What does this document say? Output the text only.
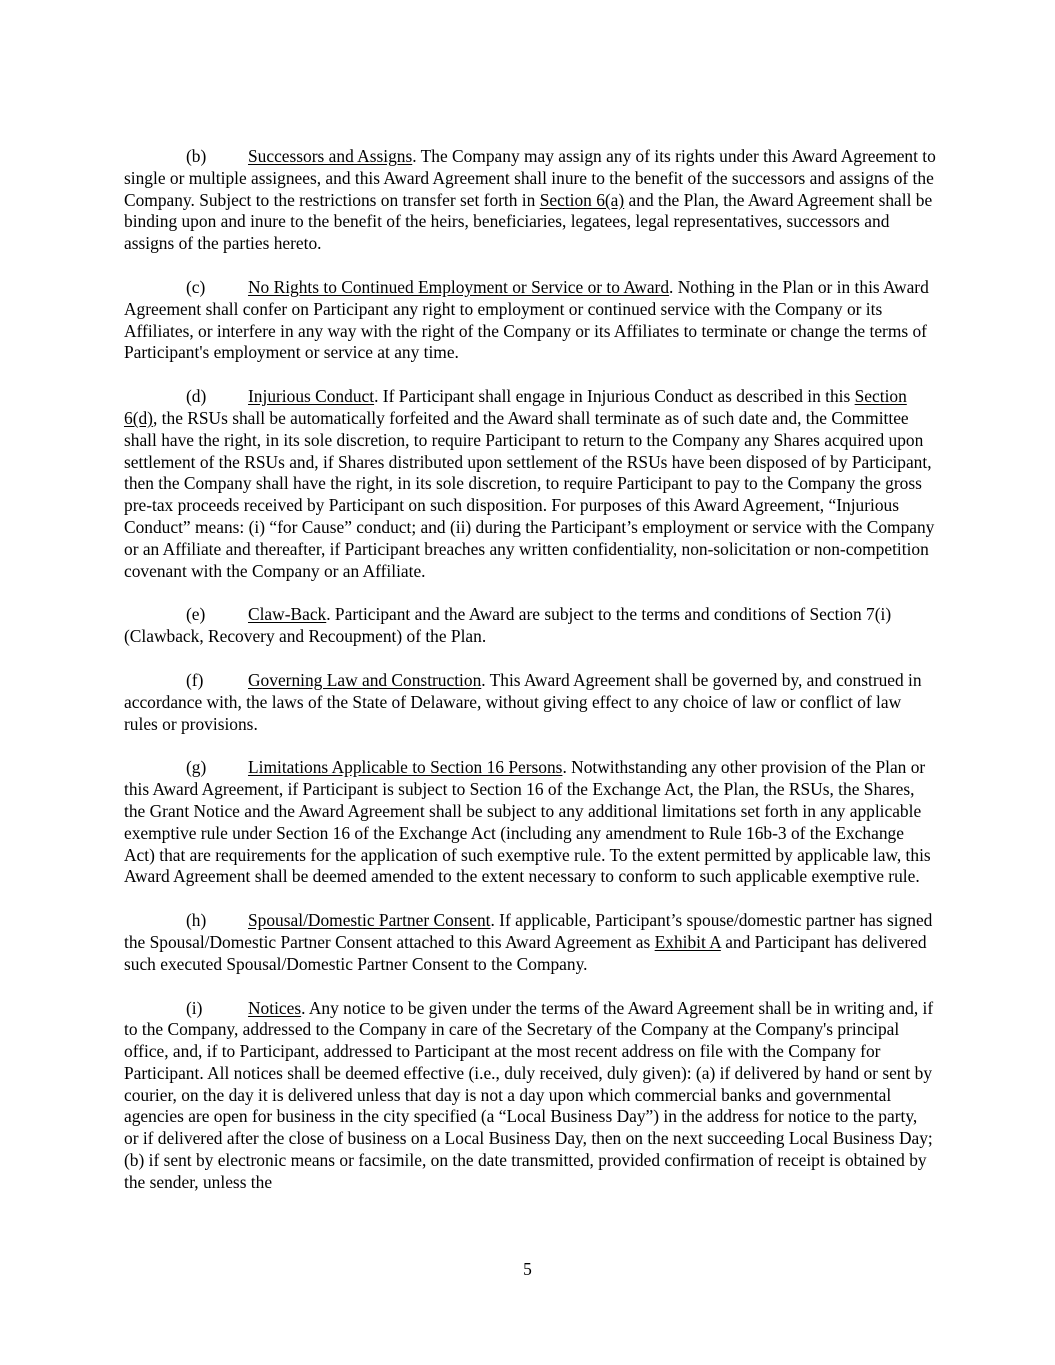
(b) Successors and Assigns. The Company may assign any of its rights under this Award Agreement to single or multiple assignees, and this Award Agreement shall inure to the benefit of the successors and assigns of the Company. Subject to the restrictions on transfer set forth in Section 6(a) and the Plan, the Award Agreement shall be binding upon and inure to the benefit of the heirs, beneficiaries, legatees, legal representatives, successors and assigns of the parties hereto.

(c) No Rights to Continued Employment or Service or to Award. Nothing in the Plan or in this Award Agreement shall confer on Participant any right to employment or continued service with the Company or its Affiliates, or interfere in any way with the right of the Company or its Affiliates to terminate or change the terms of Participant's employment or service at any time.

(d) Injurious Conduct. If Participant shall engage in Injurious Conduct as described in this Section 6(d), the RSUs shall be automatically forfeited and the Award shall terminate as of such date and, the Committee shall have the right, in its sole discretion, to require Participant to return to the Company any Shares acquired upon settlement of the RSUs and, if Shares distributed upon settlement of the RSUs have been disposed of by Participant, then the Company shall have the right, in its sole discretion, to require Participant to pay to the Company the gross pre-tax proceeds received by Participant on such disposition. For purposes of this Award Agreement, “Injurious Conduct” means: (i) “for Cause” conduct; and (ii) during the Participant’s employment or service with the Company or an Affiliate and thereafter, if Participant breaches any written confidentiality, non-solicitation or non-competition covenant with the Company or an Affiliate.

(e) Claw-Back. Participant and the Award are subject to the terms and conditions of Section 7(i) (Clawback, Recovery and Recoupment) of the Plan.

(f)	Governing Law and Construction. This Award Agreement shall be governed by, and construed in accordance with, the laws of the State of Delaware, without giving effect to any choice of law or conflict of law rules or provisions.

(g) Limitations Applicable to Section 16 Persons. Notwithstanding any other provision of the Plan or this Award Agreement, if Participant is subject to Section 16 of the Exchange Act, the Plan, the RSUs, the Shares, the Grant Notice and the Award Agreement shall be subject to any additional limitations set forth in any applicable exemptive rule under Section 16 of the Exchange Act (including any amendment to Rule 16b-3 of the Exchange Act) that are requirements for the application of such exemptive rule. To the extent permitted by applicable law, this Award Agreement shall be deemed amended to the extent necessary to conform to such applicable exemptive rule.

(h) Spousal/Domestic Partner Consent. If applicable, Participant’s spouse/domestic partner has signed the Spousal/Domestic Partner Consent attached to this Award Agreement as Exhibit A and Participant has delivered such executed Spousal/Domestic Partner Consent to the Company.

(i)	Notices. Any notice to be given under the terms of the Award Agreement shall be in writing and, if to the Company, addressed to the Company in care of the Secretary of the Company at the Company's principal office, and, if to Participant, addressed to Participant at the most recent address on file with the Company for Participant. All notices shall be deemed effective (i.e., duly received, duly given): (a) if delivered by hand or sent by courier, on the day it is delivered unless that day is not a day upon which commercial banks and governmental agencies are open for business in the city specified (a “Local Business Day”) in the address for notice to the party, or if delivered after the close of business on a Local Business Day, then on the next succeeding Local Business Day; (b) if sent by electronic means or facsimile, on the date transmitted, provided confirmation of receipt is obtained by the sender, unless the

5
